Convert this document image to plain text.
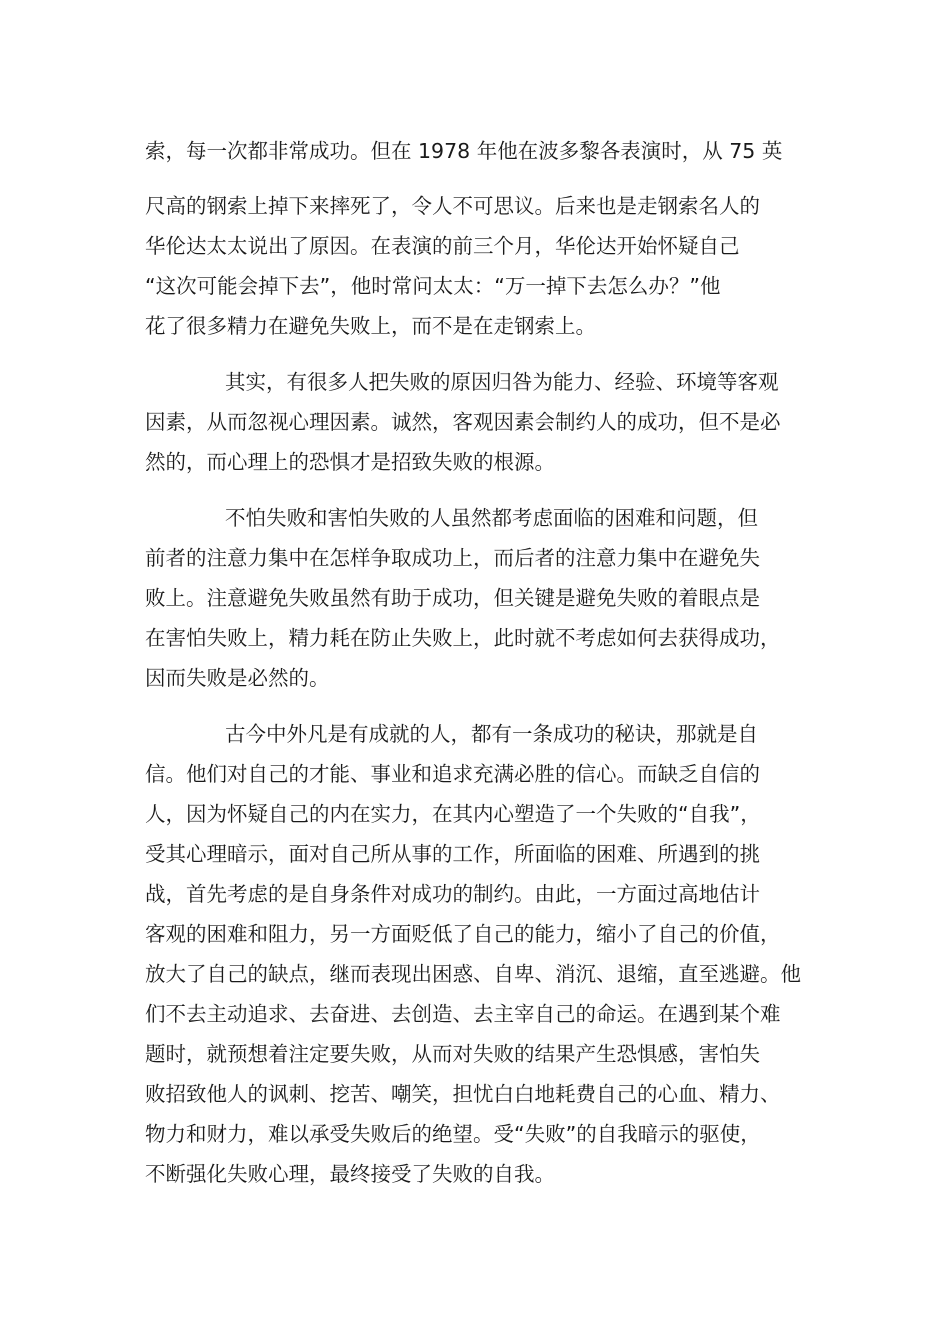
索，每一次都非常成功。但在 1978 年他在波多黎各表演时，从 75 英
尺高的钢索上掉下来摔死了，令人不可思议。后来也是走钢索名人的
华伦达太太说出了原因。在表演的前三个月，华伦达开始怀疑自己
“这次可能会掉下去”，他时常问太太：“万一掉下去怎么办？”他
花了很多精力在避免失败上，而不是在走钢索上。
其实，有很多人把失败的原因归咎为能力、经验、环境等客观
因素，从而忽视心理因素。诚然，客观因素会制约人的成功，但不是必
然的，而心理上的恐惧才是招致失败的根源。
不怕失败和害怕失败的人虽然都考虑面临的困难和问题，但
前者的注意力集中在怎样争取成功上，而后者的注意力集中在避免失
败上。注意避免失败虽然有助于成功，但关键是避免失败的着眼点是
在害怕失败上，精力耗在防止失败上，此时就不考虑如何去获得成功，
因而失败是必然的。
古今中外凡是有成就的人，都有一条成功的秘诀，那就是自
信。他们对自己的才能、事业和追求充满必胜的信心。而缺乏自信的
人，因为怀疑自己的内在实力，在其内心塑造了一个失败的“自我”，
受其心理暗示，面对自己所从事的工作，所面临的困难、所遇到的挑
战，首先考虑的是自身条件对成功的制约。由此，一方面过高地估计
客观的困难和阻力，另一方面贬低了自己的能力，缩小了自己的价值，
放大了自己的缺点，继而表现出困惑、自卑、消沉、退缩，直至逃避。他
们不去主动追求、去奋进、去创造、去主宰自己的命运。在遇到某个难
题时，就预想着注定要失败，从而对失败的结果产生恐惧感，害怕失
败招致他人的讽刺、挖苦、嘲笑，担忧白白地耗费自己的心血、精力、
物力和财力，难以承受失败后的绝望。受“失败”的自我暗示的驱使，
不断强化失败心理，最终接受了失败的自我。
